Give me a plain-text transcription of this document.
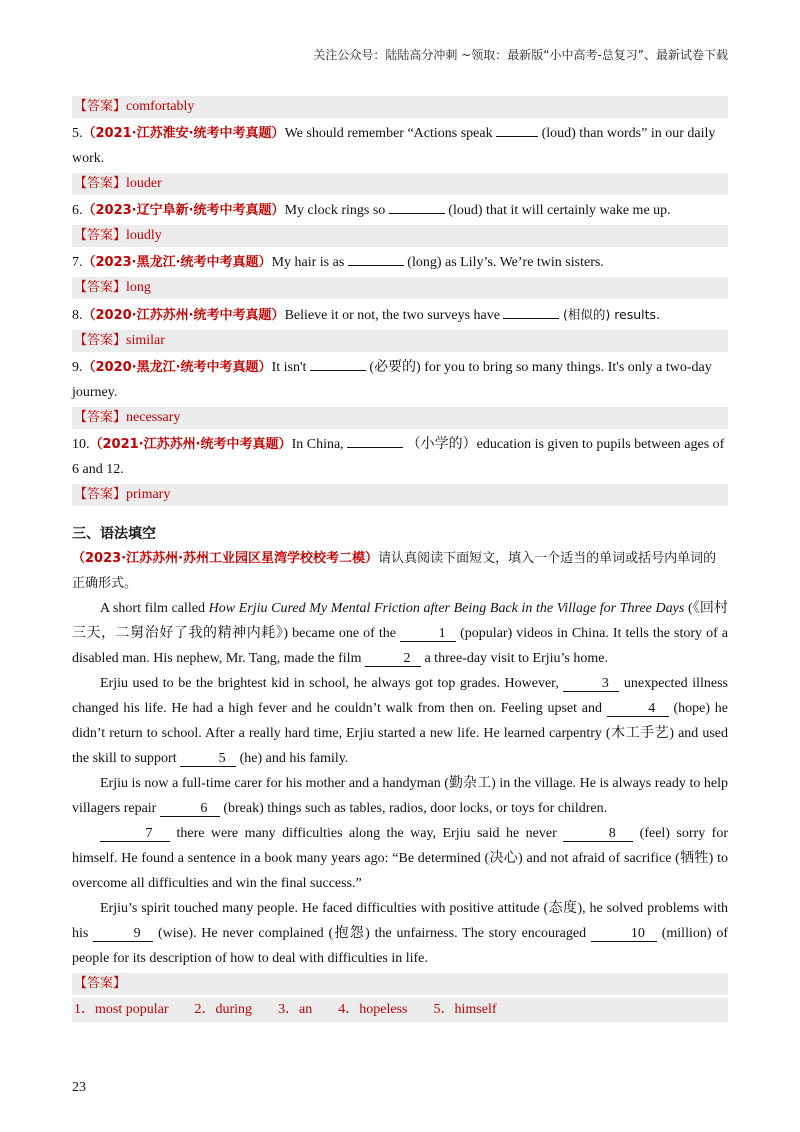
关注公众号：陆陆高分冲刺 ~领取：最新版“小中高考-总复习”、最新试卷下载
【答案】comfortably

5.（2021·江苏淮安·统考中考真题）We should remember “Actions speak	(loud) than words” in our daily work.

【答案】louder

6.（2023·辽宁阜新·统考中考真题）My clock rings so	(loud) that it will certainly wake me up.

【答案】loudly

7.（2023·黑龙江·统考中考真题）My hair is as	(long) as Lily’s. We’re twin sisters.

【答案】long

8.（2020·江苏苏州·统考中考真题）Believe it or not, the two surveys have	(相似的) results.

【答案】similar

9.（2020·黑龙江·统考中考真题）It isn't	(必要的) for you to bring so many things. It's only a two-day journey.

【答案】necessary

10.（2021·江苏苏州·统考中考真题）In China,	（小学的）education is given to pupils between ages of 6 and 12.

【答案】primary
三、语法填空
（2023·江苏苏州·苏州工业园区星湾学校校考二模）请认真阅读下面短文，填入一个适当的单词或括号内单词的正确形式。

A short film called How Erjiu Cured My Mental Friction after Being Back in the Village for Three Days (《回村三天，二舅治好了我的精神内耗》) became one of the	1 (popular) videos in China. It tells the story of a disabled man. His nephew, Mr. Tang, made the film	2 a three-day visit to Erjiu’s home.

Erjiu used to be the brightest kid in school, he always got top grades. However,	3 unexpected illness changed his life. He had a high fever and he couldn’t walk from then on. Feeling upset and	4 (hope) he didn’t return to school. After a really hard time, Erjiu started a new life. He learned carpentry (木工手艺) and used the skill to support	5 (he) and his family.

Erjiu is now a full-time carer for his mother and a handyman (勤杂工) in the village. He is always ready to help villagers repair	6 (break) things such as tables, radios, door locks, or toys for children.

7 there were many difficulties along the way, Erjiu said he never	8 (feel) sorry for himself. He found a sentence in a book many years ago: “Be determined (决心) and not afraid of sacrifice (牺牲) to overcome all difficulties and win the final success.”

Erjiu’s spirit touched many people. He faced difficulties with positive attitude (态度), he solved problems with his	9 (wise). He never complained (抱怨) the unfairness. The story encouraged	10 (million) of people for its description of how to deal with difficulties in life.

【答案】
1．most popular 2．during 3．an 4．hopeless 5．himself
23
